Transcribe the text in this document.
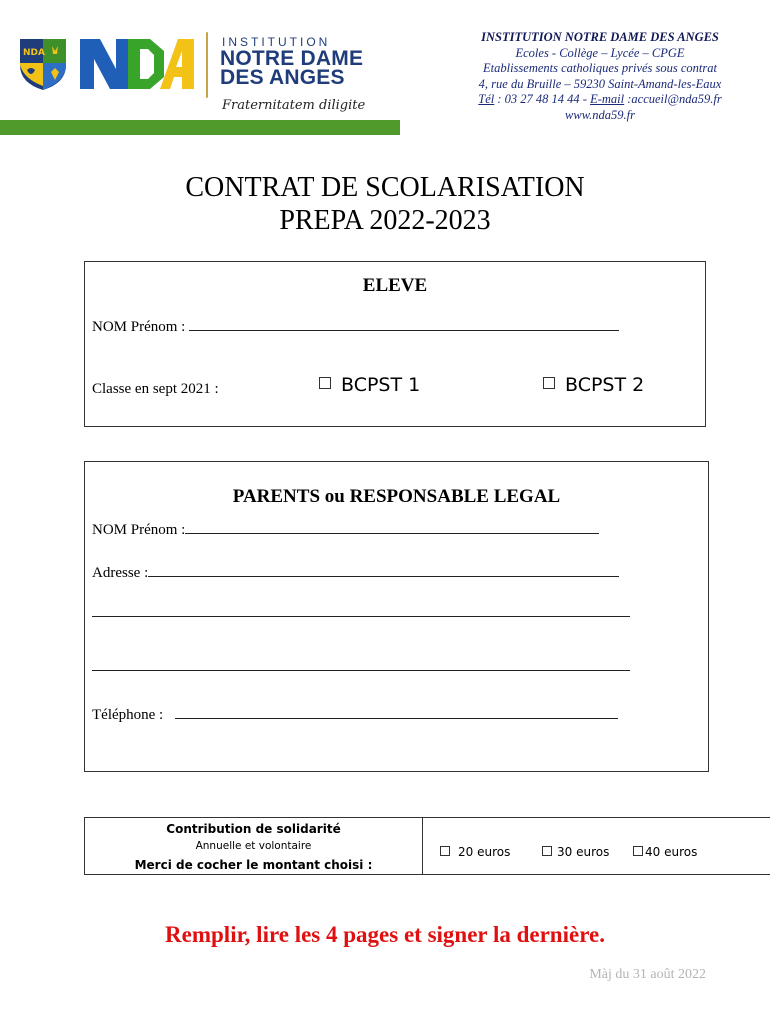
NDA
NDA
INSTITUTION
NOTRE DAME
DES ANGES
Fraternitatem diligite
INSTITUTION NOTRE DAME DES ANGES
Ecoles - Collège – Lycée – CPGE
Etablissements catholiques privés sous contrat
4, rue du Bruille – 59230 Saint-Amand-les-Eaux
Tél : 03 27 48 14 44 - E-mail :accueil@nda59.fr
www.nda59.fr
CONTRAT DE SCOLARISATION
PREPA 2022-2023
ELEVE
NOM Prénom :
Classe en sept 2021 :	BCPST 1	BCPST 2
PARENTS ou RESPONSABLE LEGAL
NOM Prénom :
Adresse :
Téléphone :
Contribution de solidarité
Annuelle et volontaire
Merci de cocher le montant choisi :
20 euros	30 euros	40 euros
Remplir, lire les 4 pages et signer la dernière.
Màj du 31 août 2022
